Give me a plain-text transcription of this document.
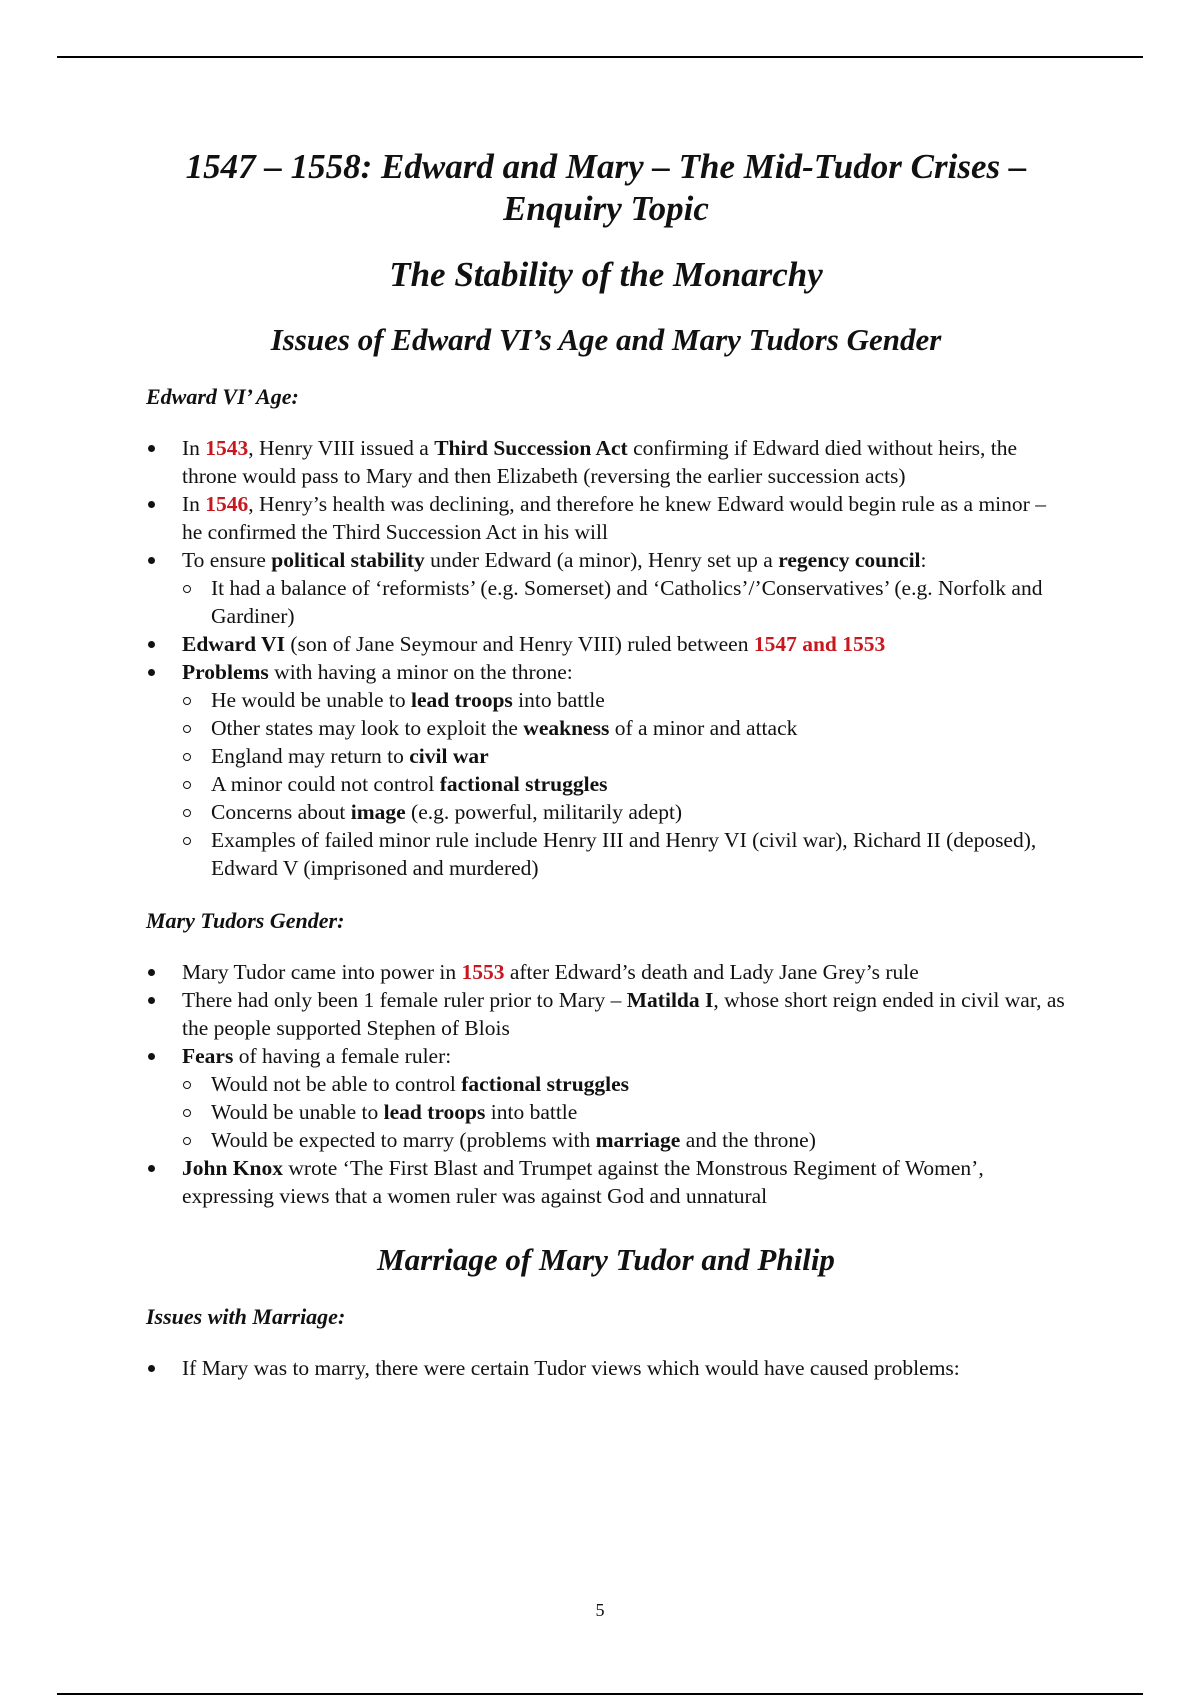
1547 – 1558: Edward and Mary – The Mid-Tudor Crises –
Enquiry Topic
The Stability of the Monarchy
Issues of Edward VI’s Age and Mary Tudors Gender
Edward VI’ Age:
In 1543, Henry VIII issued a Third Succession Act confirming if Edward died without heirs, the throne would pass to Mary and then Elizabeth (reversing the earlier succession acts)
In 1546, Henry’s health was declining, and therefore he knew Edward would begin rule as a minor – he confirmed the Third Succession Act in his will
To ensure political stability under Edward (a minor), Henry set up a regency council:
It had a balance of ‘reformists’ (e.g. Somerset) and ‘Catholics’/’Conservatives’ (e.g. Norfolk and Gardiner)
Edward VI (son of Jane Seymour and Henry VIII) ruled between 1547 and 1553
Problems with having a minor on the throne:
He would be unable to lead troops into battle
Other states may look to exploit the weakness of a minor and attack
England may return to civil war
A minor could not control factional struggles
Concerns about image (e.g. powerful, militarily adept)
Examples of failed minor rule include Henry III and Henry VI (civil war), Richard II (deposed), Edward V (imprisoned and murdered)
Mary Tudors Gender:
Mary Tudor came into power in 1553 after Edward’s death and Lady Jane Grey’s rule
There had only been 1 female ruler prior to Mary – Matilda I, whose short reign ended in civil war, as the people supported Stephen of Blois
Fears of having a female ruler:
Would not be able to control factional struggles
Would be unable to lead troops into battle
Would be expected to marry (problems with marriage and the throne)
John Knox wrote ‘The First Blast and Trumpet against the Monstrous Regiment of Women’, expressing views that a women ruler was against God and unnatural
Marriage of Mary Tudor and Philip
Issues with Marriage:
If Mary was to marry, there were certain Tudor views which would have caused problems:
5
